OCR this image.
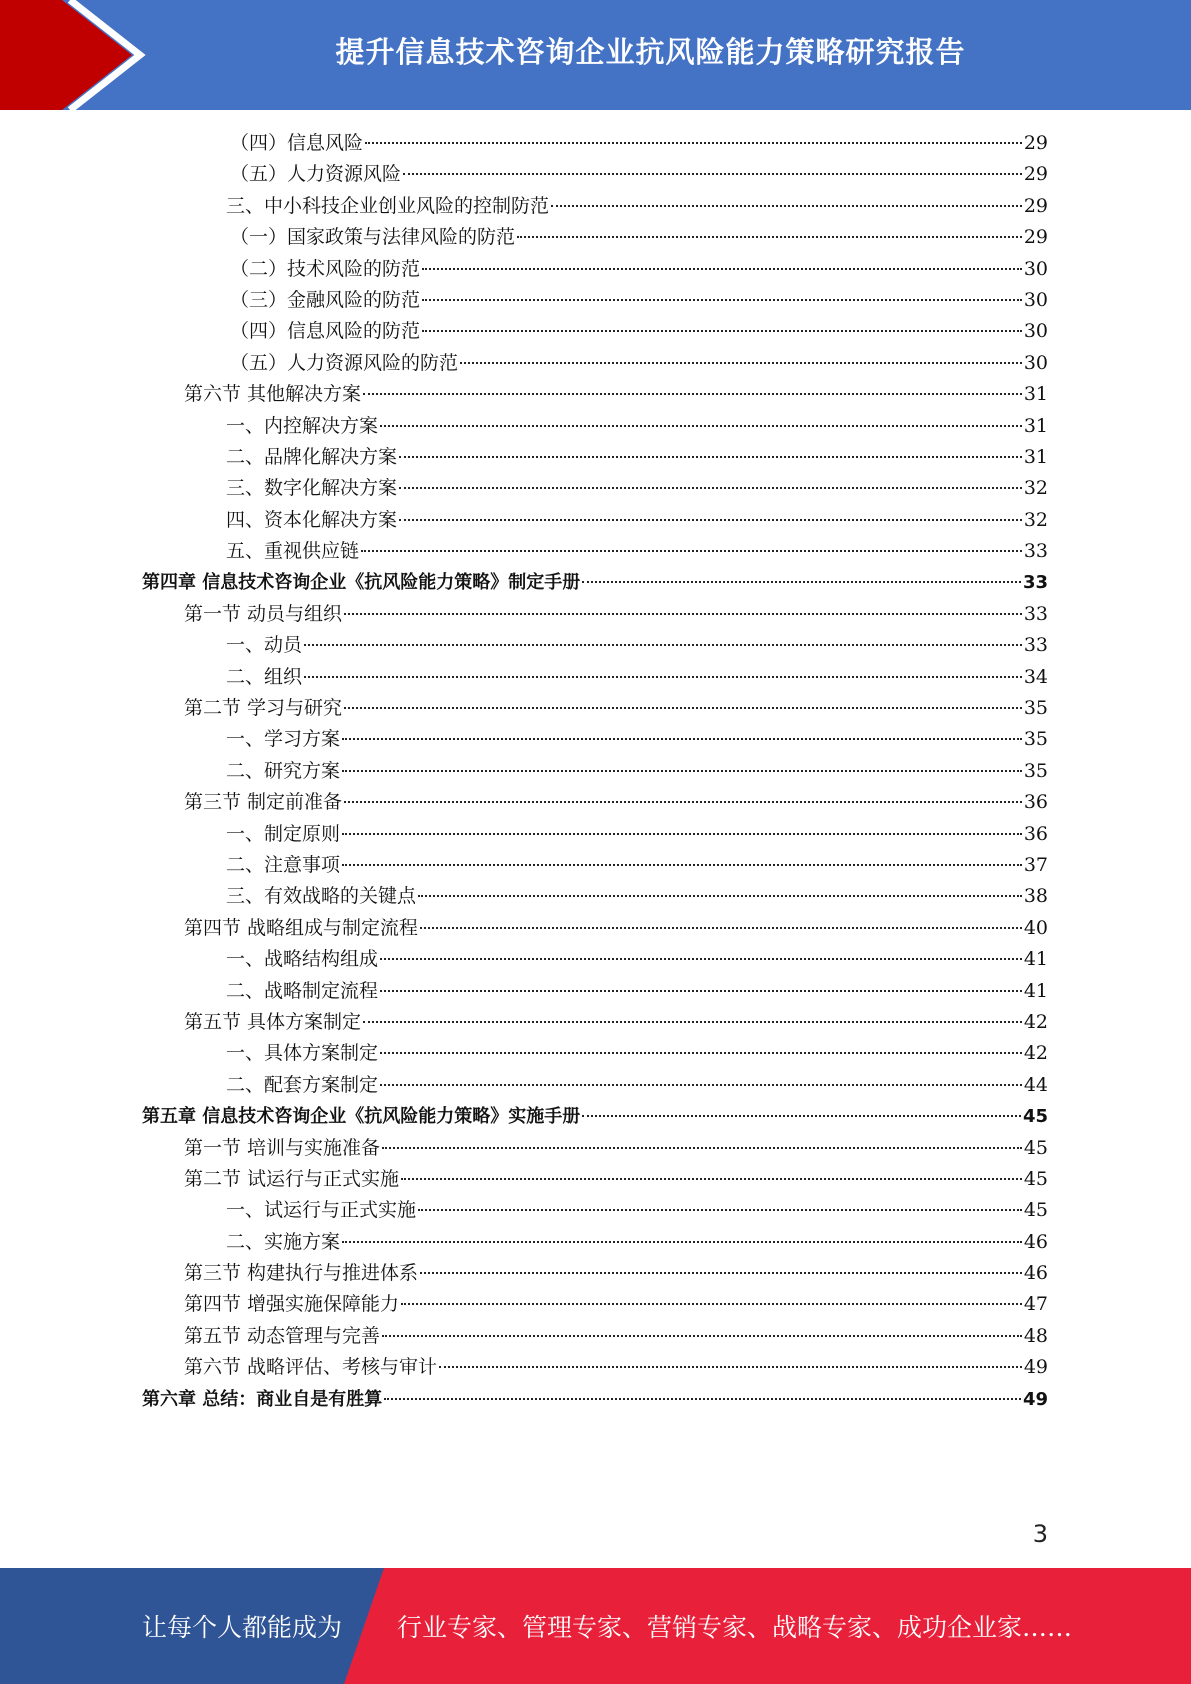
提升信息技术咨询企业抗风险能力策略研究报告
（四）信息风险	29
（五）人力资源风险	29
三、中小科技企业创业风险的控制防范	29
（一）国家政策与法律风险的防范	29
（二）技术风险的防范	30
（三）金融风险的防范	30
（四）信息风险的防范	30
（五）人力资源风险的防范	30
第六节 其他解决方案	31
一、内控解决方案	31
二、品牌化解决方案	31
三、数字化解决方案	32
四、资本化解决方案	32
五、重视供应链	33
第四章 信息技术咨询企业《抗风险能力策略》制定手册	33
第一节 动员与组织	33
一、动员	33
二、组织	34
第二节 学习与研究	35
一、学习方案	35
二、研究方案	35
第三节 制定前准备	36
一、制定原则	36
二、注意事项	37
三、有效战略的关键点	38
第四节 战略组成与制定流程	40
一、战略结构组成	41
二、战略制定流程	41
第五节 具体方案制定	42
一、具体方案制定	42
二、配套方案制定	44
第五章 信息技术咨询企业《抗风险能力策略》实施手册	45
第一节 培训与实施准备	45
第二节 试运行与正式实施	45
一、试运行与正式实施	45
二、实施方案	46
第三节 构建执行与推进体系	46
第四节 增强实施保障能力	47
第五节 动态管理与完善	48
第六节 战略评估、考核与审计	49
第六章 总结：商业自是有胜算	49
3
让每个人都能成为 行业专家、管理专家、营销专家、战略专家、成功企业家……
